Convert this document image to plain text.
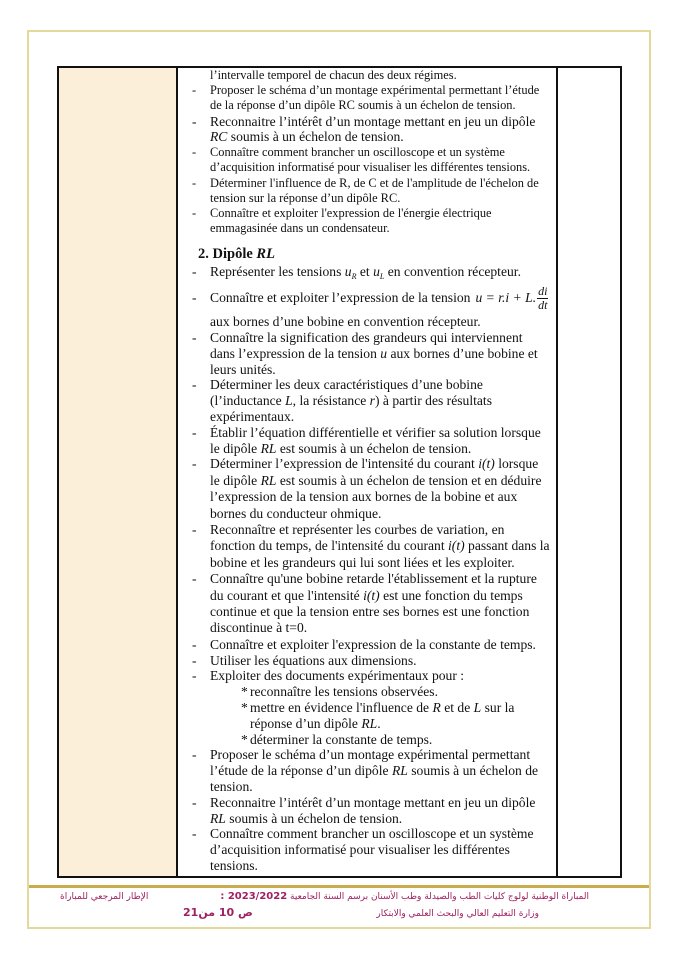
l’intervalle temporel de chacun des deux régimes.
- Proposer le schéma d’un montage expérimental permettant l’étude de la réponse d’un dipôle RC soumis à un échelon de tension.
- Reconnaitre l’intérêt d’un montage mettant en jeu un dipôle RC soumis à un échelon de tension.
- Connaître comment brancher un oscilloscope et un système d’acquisition informatisé pour visualiser les différentes tensions.
- Déterminer l'influence de R, de C et de l'amplitude de l'échelon de tension sur la réponse d’un dipôle RC.
- Connaître et exploiter l'expression de l'énergie électrique emmagasinée dans un condensateur.
2. Dipôle RL
- Représenter les tensions $u_R$ et $u_L$ en convention récepteur.
- Connaître et exploiter l’expression de la tension u = r.i + L. $\frac{di}{dt}$
aux bornes d’une bobine en convention récepteur.
- Connaître la signification des grandeurs qui interviennent dans l’expression de la tension u aux bornes d’une bobine et leurs unités.
- Déterminer les deux caractéristiques d’une bobine (l’inductance L, la résistance r) à partir des résultats expérimentaux.
- Établir l’équation différentielle et vérifier sa solution lorsque le dipôle RL est soumis à un échelon de tension.
- Déterminer l’expression de l'intensité du courant i(t) lorsque le dipôle RL est soumis à un échelon de tension et en déduire l’expression de la tension aux bornes de la bobine et aux bornes du conducteur ohmique.
- Reconnaître et représenter les courbes de variation, en fonction du temps, de l'intensité du courant i(t) passant dans la bobine et les grandeurs qui lui sont liées et les exploiter.
- Connaître qu'une bobine retarde l'établissement et la rupture du courant et que l'intensité i(t) est une fonction du temps continue et que la tension entre ses bornes est une fonction discontinue à t=0.
- Connaître et exploiter l'expression de la constante de temps.
- Utiliser les équations aux dimensions.
- Exploiter des documents expérimentaux pour :
* reconnaître les tensions observées.
* mettre en évidence l'influence de R et de L sur la réponse d’un dipôle RL.
* déterminer la constante de temps.
- Proposer le schéma d’un montage expérimental permettant l’étude de la réponse d’un dipôle RL soumis à un échelon de tension.
- Reconnaitre l’intérêt d’un montage mettant en jeu un dipôle RL soumis à un échelon de tension.
- Connaître comment brancher un oscilloscope et un système d’acquisition informatisé pour visualiser les différentes tensions.
المباراة الوطنية لولوج كليات الطب والصيدلة وطب الأسنان برسم السنة الجامعية 2023/2022 :
وزارة التعليم العالي والبحث العلمي والابتكار
الإطار المرجعي للمباراة
ص 10 من21
